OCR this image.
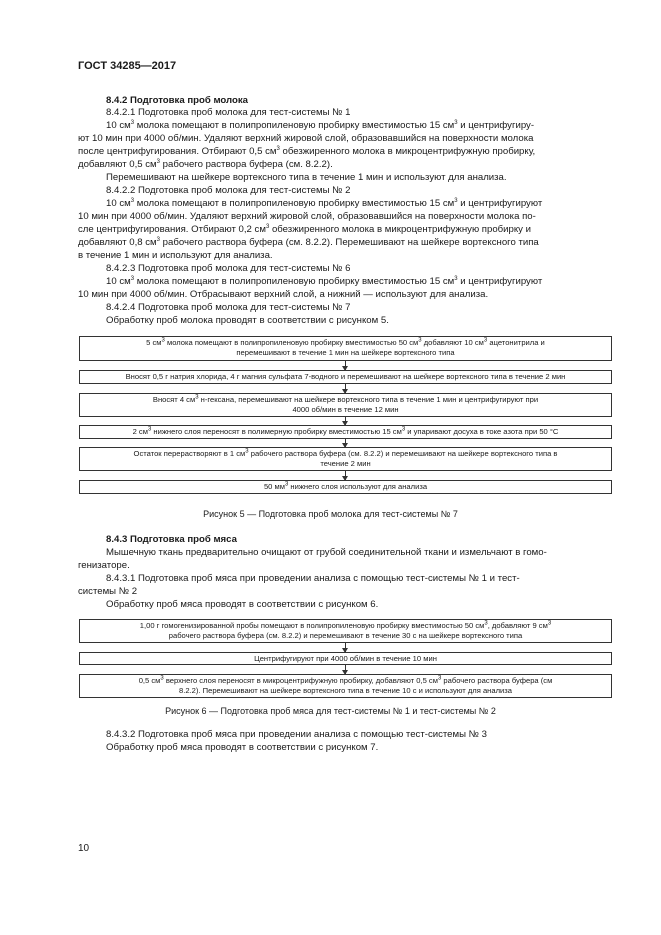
ГОСТ 34285—2017
8.4.2 Подготовка проб молока
8.4.2.1 Подготовка проб молока для тест-системы № 1
10 $см^3$ молока помещают в полипропиленовую пробирку вместимостью 15 $см^3$ и центрифугиру-
ют 10 мин при 4000 об/мин. Удаляют верхний жировой слой, образовавшийся на поверхности молока
после центрифугирования. Отбирают 0,5 $см^3$ обезжиренного молока в микроцентрифужную пробирку,
добавляют 0,5 $см^3$ рабочего раствора буфера (см. 8.2.2).
Перемешивают на шейкере вортексного типа в течение 1 мин и используют для анализа.
8.4.2.2 Подготовка проб молока для тест-системы № 2
10 $см^3$ молока помещают в полипропиленовую пробирку вместимостью 15 $см^3$ и центрифугируют
10 мин при 4000 об/мин. Удаляют верхний жировой слой, образовавшийся на поверхности молока по-
сле центрифугирования. Отбирают 0,2 $см^3$ обезжиренного молока в микроцентрифужную пробирку и
добавляют 0,8 $см^3$ рабочего раствора буфера (см. 8.2.2). Перемешивают на шейкере вортексного типа
в течение 1 мин и используют для анализа.
8.4.2.3 Подготовка проб молока для тест-системы № 6
10 $см^3$ молока помещают в полипропиленовую пробирку вместимостью 15 $см^3$ и центрифугируют
10 мин при 4000 об/мин. Отбрасывают верхний слой, а нижний — используют для анализа.
8.4.2.4 Подготовка проб молока для тест-системы № 7
Обработку проб молока проводят в соответствии с рисунком 5.
5 $см^3$ молока помещают в полипропиленовую пробирку вместимостью 50 $см^3$ добавляют 10 $см^3$ ацетонитрила и
перемешивают в течение 1 мин на шейкере вортексного типа
Вносят 0,5 г натрия хлорида, 4 г магния сульфата 7-водного и перемешивают на шейкере вортексного типа в течение 2 мин
Вносят 4 $см^3$ н-гексана, перемешивают на шейкере вортексного типа в течение 1 мин и центрифугируют при
4000 об/мин в течение 12 мин
2 $см^3$ нижнего слоя переносят в полимерную пробирку вместимостью 15 $см^3$ и упаривают досуха в токе азота при 50 °С
Остаток перерастворяют в 1 $см^3$ рабочего раствора буфера (см. 8.2.2) и перемешивают на шейкере вортексного типа в
течение 2 мин
50 $мм^3$ нижнего слоя используют для анализа
Рисунок 5 — Подготовка проб молока для тест-системы № 7
8.4.3 Подготовка проб мяса
Мышечную ткань предварительно очищают от грубой соединительной ткани и измельчают в гомо-
генизаторе.
8.4.3.1 Подготовка проб мяса при проведении анализа с помощью тест-системы № 1 и тест-
системы № 2
Обработку проб мяса проводят в соответствии с рисунком 6.
1,00 г гомогенизированной пробы помещают в полипропиленовую пробирку вместимостью 50 $см^3$, добавляют 9 $см^3$
рабочего раствора буфера (см. 8.2.2) и перемешивают в течение 30 с на шейкере вортексного типа
Центрифугируют при 4000 об/мин в течение 10 мин
0,5 $см^3$ верхнего слоя переносят в микроцентрифужную пробирку, добавляют 0,5 $см^3$ рабочего раствора буфера (см
8.2.2). Перемешивают на шейкере вортексного типа в течение 10 с и используют для анализа
Рисунок 6 — Подготовка проб мяса для тест-системы № 1 и тест-системы № 2
8.4.3.2 Подготовка проб мяса при проведении анализа с помощью тест-системы № 3
Обработку проб мяса проводят в соответствии с рисунком 7.
10
